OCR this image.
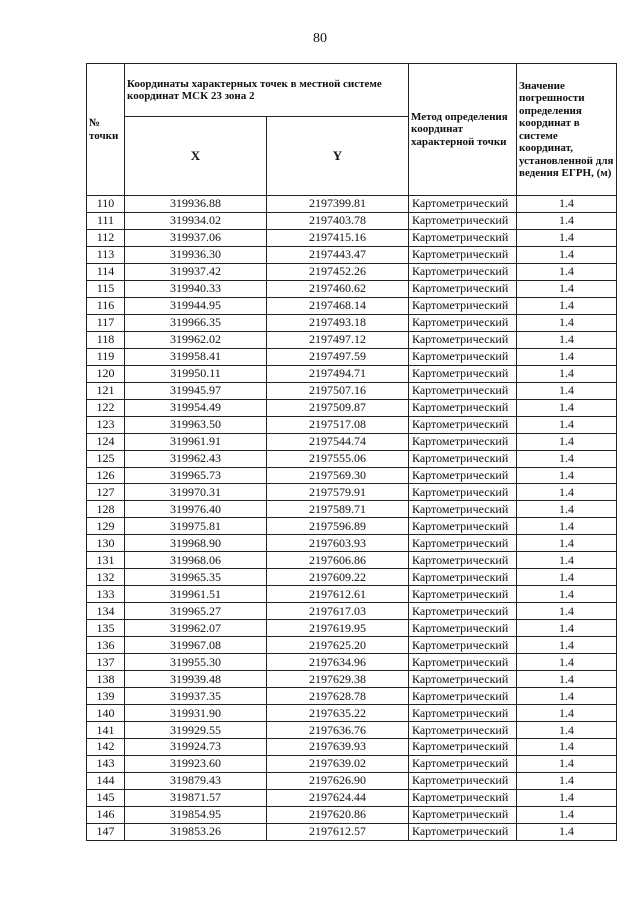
80
№ точки	Координаты характерных точек в местной системе координат МСК 23 зона 2		Метод определения координат характерной точки	Значение погрешности определения координат в системе координат, установленной для ведения ЕГРН, (м)
	X	Y		
110	319936.88	2197399.81	Картометрический	1.4
111	319934.02	2197403.78	Картометрический	1.4
112	319937.06	2197415.16	Картометрический	1.4
113	319936.30	2197443.47	Картометрический	1.4
114	319937.42	2197452.26	Картометрический	1.4
115	319940.33	2197460.62	Картометрический	1.4
116	319944.95	2197468.14	Картометрический	1.4
117	319966.35	2197493.18	Картометрический	1.4
118	319962.02	2197497.12	Картометрический	1.4
119	319958.41	2197497.59	Картометрический	1.4
120	319950.11	2197494.71	Картометрический	1.4
121	319945.97	2197507.16	Картометрический	1.4
122	319954.49	2197509.87	Картометрический	1.4
123	319963.50	2197517.08	Картометрический	1.4
124	319961.91	2197544.74	Картометрический	1.4
125	319962.43	2197555.06	Картометрический	1.4
126	319965.73	2197569.30	Картометрический	1.4
127	319970.31	2197579.91	Картометрический	1.4
128	319976.40	2197589.71	Картометрический	1.4
129	319975.81	2197596.89	Картометрический	1.4
130	319968.90	2197603.93	Картометрический	1.4
131	319968.06	2197606.86	Картометрический	1.4
132	319965.35	2197609.22	Картометрический	1.4
133	319961.51	2197612.61	Картометрический	1.4
134	319965.27	2197617.03	Картометрический	1.4
135	319962.07	2197619.95	Картометрический	1.4
136	319967.08	2197625.20	Картометрический	1.4
137	319955.30	2197634.96	Картометрический	1.4
138	319939.48	2197629.38	Картометрический	1.4
139	319937.35	2197628.78	Картометрический	1.4
140	319931.90	2197635.22	Картометрический	1.4
141	319929.55	2197636.76	Картометрический	1.4
142	319924.73	2197639.93	Картометрический	1.4
143	319923.60	2197639.02	Картометрический	1.4
144	319879.43	2197626.90	Картометрический	1.4
145	319871.57	2197624.44	Картометрический	1.4
146	319854.95	2197620.86	Картометрический	1.4
147	319853.26	2197612.57	Картометрический	1.4
